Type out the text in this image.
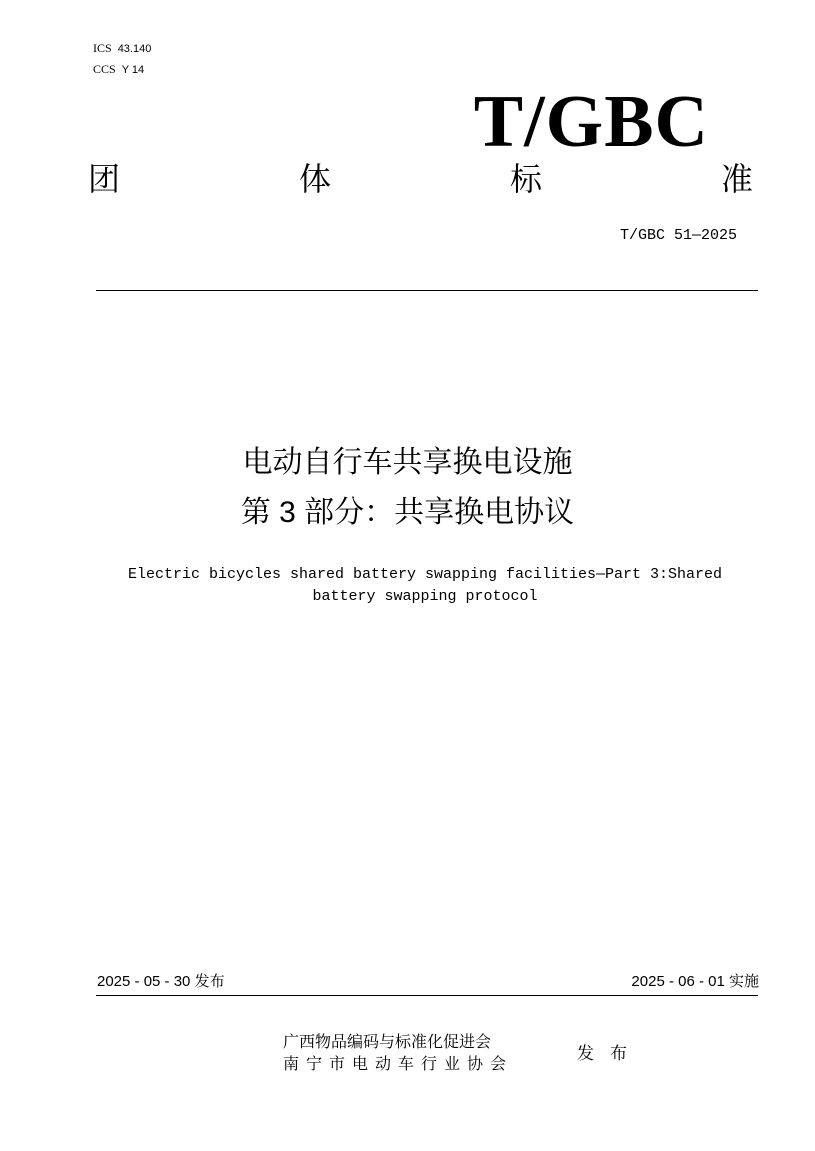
ICS 43.140
CCS Y 14
T/GBC
团	体	标	准
T/GBC 51—2025
电动自行车共享换电设施
第 3 部分：共享换电协议
Electric bicycles shared battery swapping facilities—Part 3:Shared
battery swapping protocol
2025 - 05 - 30 发布	2025 - 06 - 01 实施
广西物品编码与标准化促进会
南宁市电动车行业协会
发布
